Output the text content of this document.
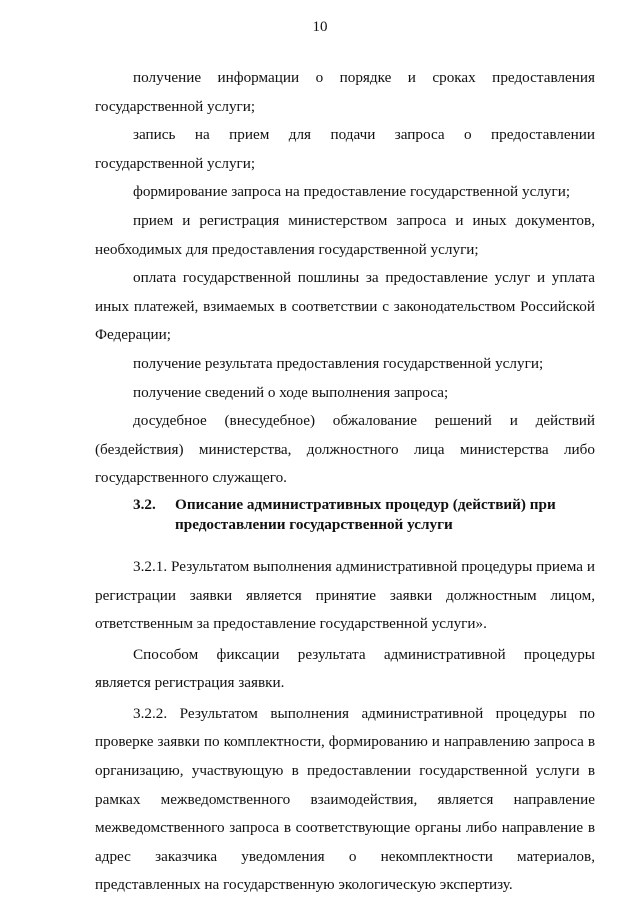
10

получение информации о порядке и сроках предоставления государственной услуги;

запись на прием для подачи запроса о предоставлении государственной услуги;

формирование запроса на предоставление государственной услуги;

прием и регистрация министерством запроса и иных документов, необходимых для предоставления государственной услуги;

оплата государственной пошлины за предоставление услуг и уплата иных платежей, взимаемых в соответствии с законодательством Российской Федерации;

получение результата предоставления государственной услуги;

получение сведений о ходе выполнения запроса;

досудебное (внесудебное) обжалование решений и действий (бездействия) министерства, должностного лица министерства либо государственного служащего.

3.2.	Описание административных процедур (действий) при
предоставлении государственной услуги

3.2.1. Результатом выполнения административной процедуры приема и регистрации заявки является принятие заявки должностным лицом, ответственным за предоставление государственной услуги».

Способом фиксации результата административной процедуры является регистрация заявки.

3.2.2. Результатом выполнения административной процедуры по проверке заявки по комплектности, формированию и направлению запроса в организацию, участвующую в предоставлении государственной услуги в рамках межведомственного взаимодействия, является направление межведомственного запроса в соответствующие органы либо направление в адрес заказчика уведомления о некомплектности материалов, представленных на государственную экологическую экспертизу.
